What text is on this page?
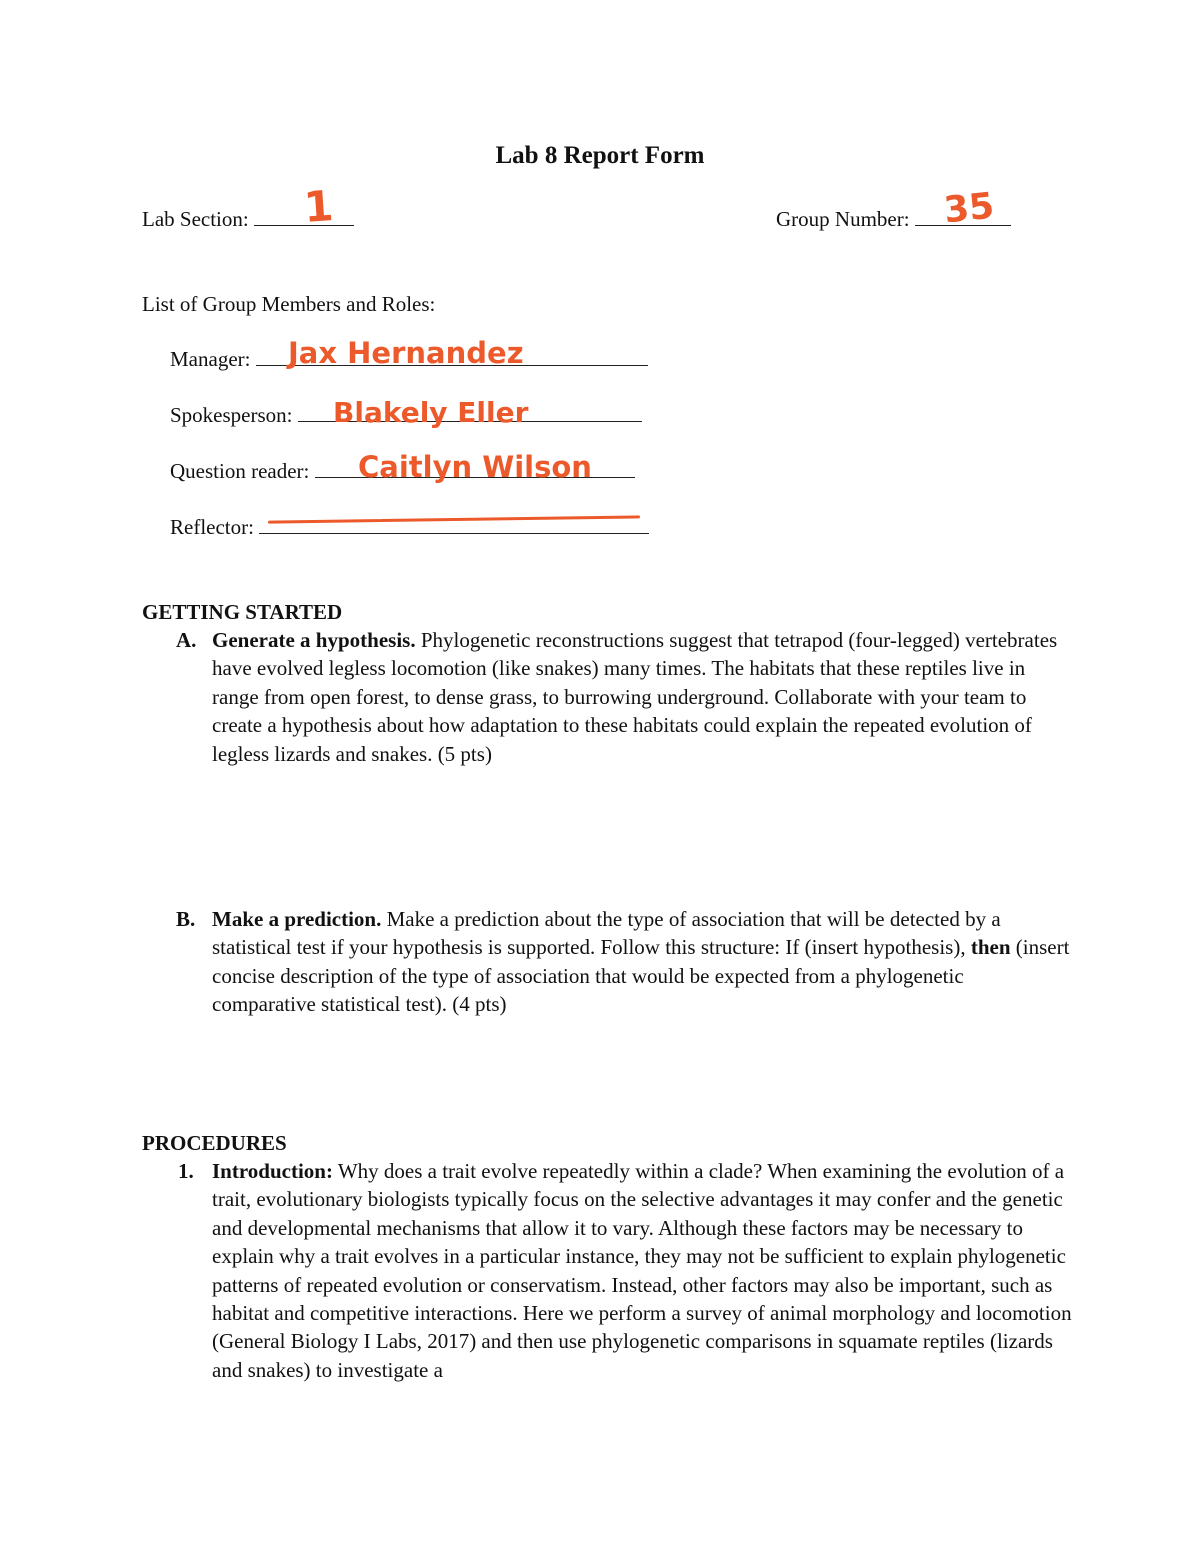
Lab 8 Report Form
Lab Section:	1	Group Number: 35
List of Group Members and Roles:
Manager:	Jax Hernandez
Spokesperson:	Blakely Eller
Question reader:	Caitlyn Wilson
Reflector:
GETTING STARTED
A. Generate a hypothesis. Phylogenetic reconstructions suggest that tetrapod (four-legged) vertebrates have evolved legless locomotion (like snakes) many times. The habitats that these reptiles live in range from open forest, to dense grass, to burrowing underground. Collaborate with your team to create a hypothesis about how adaptation to these habitats could explain the repeated evolution of legless lizards and snakes. (5 pts)
B. Make a prediction. Make a prediction about the type of association that will be detected by a statistical test if your hypothesis is supported. Follow this structure: If (insert hypothesis), then (insert concise description of the type of association that would be expected from a phylogenetic comparative statistical test). (4 pts)
PROCEDURES
1. Introduction: Why does a trait evolve repeatedly within a clade? When examining the evolution of a trait, evolutionary biologists typically focus on the selective advantages it may confer and the genetic and developmental mechanisms that allow it to vary. Although these factors may be necessary to explain why a trait evolves in a particular instance, they may not be sufficient to explain phylogenetic patterns of repeated evolution or conservatism. Instead, other factors may also be important, such as habitat and competitive interactions. Here we perform a survey of animal morphology and locomotion (General Biology I Labs, 2017) and then use phylogenetic comparisons in squamate reptiles (lizards and snakes) to investigate a
